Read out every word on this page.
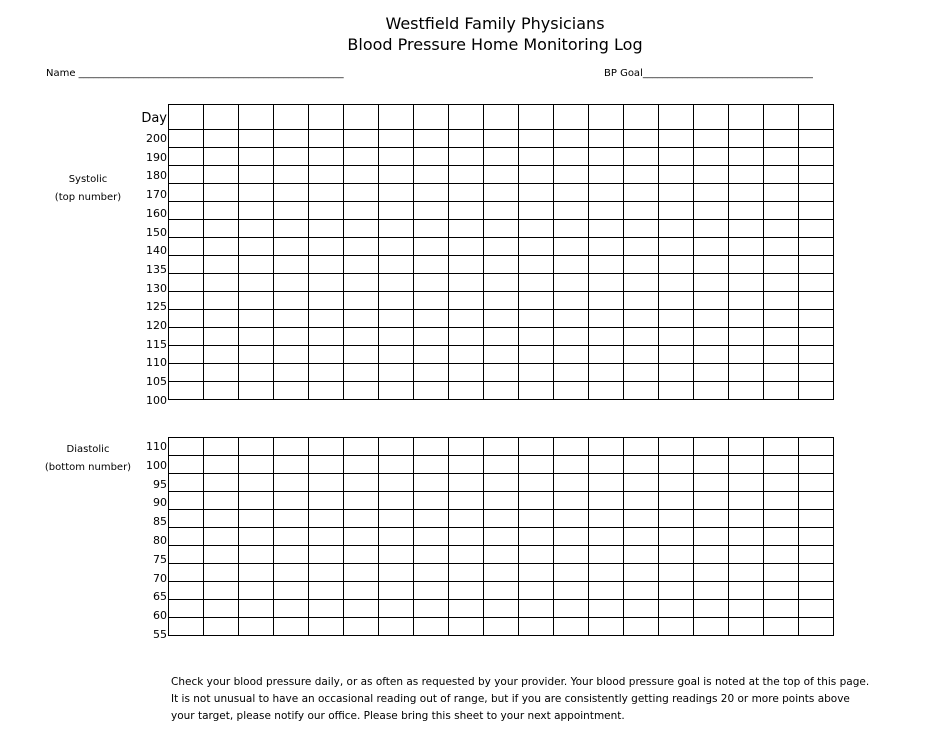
Westfield Family Physicians
Blood Pressure Home Monitoring Log
Name _____________________________________________________	BP Goal__________________________________
Systolic
(top number)
Diastolic
(bottom number)
Day
200
190
180
170
160
150
140
135
130
125
120
115
110
105
100

110
100
95
90
85
80
75
70
65
60
55

Check your blood pressure daily, or as often as requested by your provider. Your blood pressure goal is noted at the top of this page.
It is not unusual to have an occasional reading out of range, but if you are consistently getting readings 20 or more points above
your target, please notify our office. Please bring this sheet to your next appointment.
